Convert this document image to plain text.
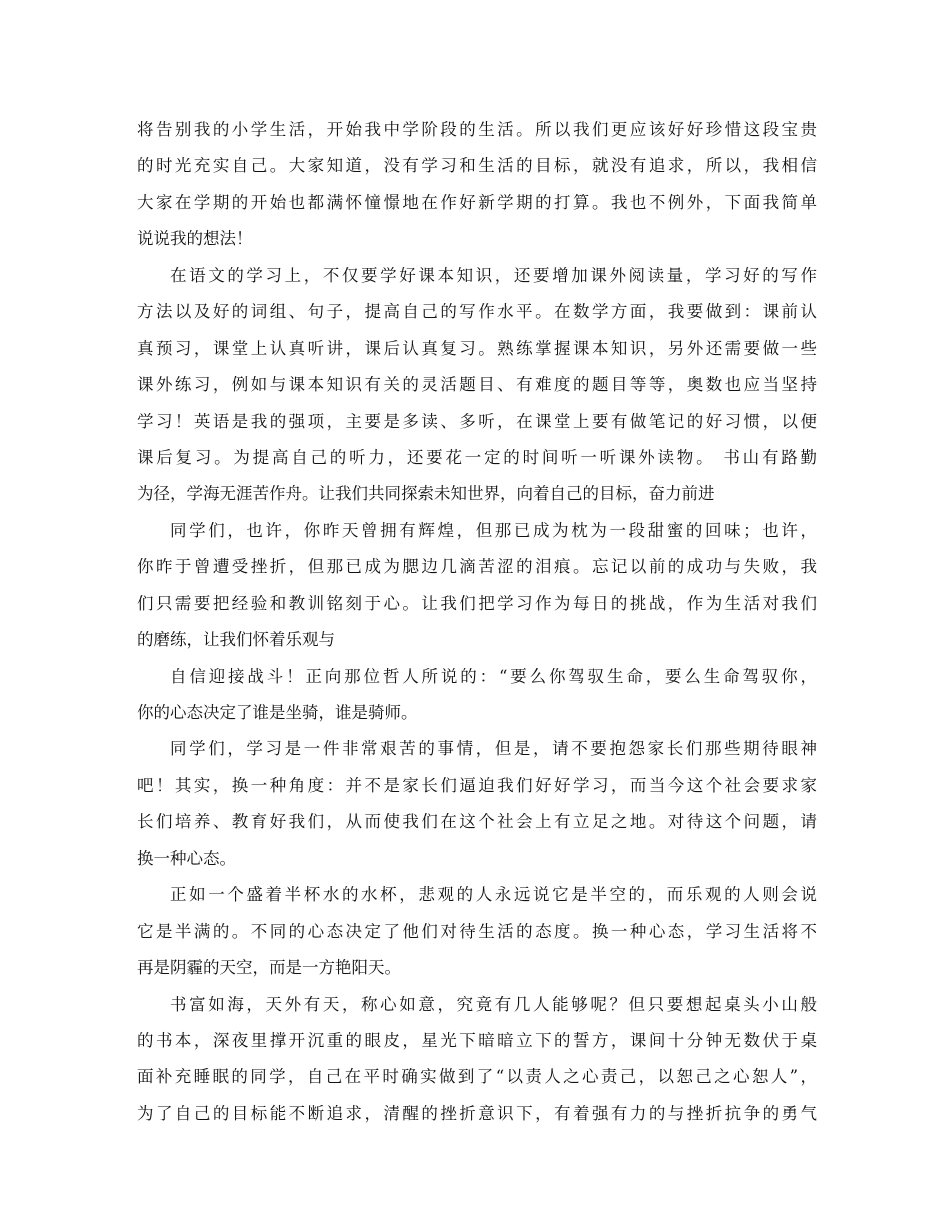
将告别我的小学生活，开始我中学阶段的生活。所以我们更应该好好珍惜这段宝贵
的时光充实自己。大家知道，没有学习和生活的目标，就没有追求，所以，我相信
大家在学期的开始也都满怀憧憬地在作好新学期的打算。我也不例外，下面我简单
说说我的想法！
在语文的学习上，不仅要学好课本知识，还要增加课外阅读量，学习好的写作
方法以及好的词组、句子，提高自己的写作水平。在数学方面，我要做到：课前认
真预习，课堂上认真听讲，课后认真复习。熟练掌握课本知识，另外还需要做一些
课外练习，例如与课本知识有关的灵活题目、有难度的题目等等，奥数也应当坚持
学习！英语是我的强项，主要是多读、多听，在课堂上要有做笔记的好习惯，以便
课后复习。为提高自己的听力，还要花一定的时间听一听课外读物。 书山有路勤
为径，学海无涯苦作舟。让我们共同探索未知世界，向着自己的目标，奋力前进
同学们，也许，你昨天曾拥有辉煌，但那已成为枕为一段甜蜜的回味；也许，
你昨于曾遭受挫折，但那已成为腮边几滴苦涩的泪痕。忘记以前的成功与失败，我
们只需要把经验和教训铭刻于心。让我们把学习作为每日的挑战，作为生活对我们
的磨练，让我们怀着乐观与
自信迎接战斗！正向那位哲人所说的：“要么你驾驭生命，要么生命驾驭你，
你的心态决定了谁是坐骑，谁是骑师。
同学们，学习是一件非常艰苦的事情，但是，请不要抱怨家长们那些期待眼神
吧！其实，换一种角度：并不是家长们逼迫我们好好学习，而当今这个社会要求家
长们培养、教育好我们，从而使我们在这个社会上有立足之地。对待这个问题，请
换一种心态。
正如一个盛着半杯水的水杯，悲观的人永远说它是半空的，而乐观的人则会说
它是半满的。不同的心态决定了他们对待生活的态度。换一种心态，学习生活将不
再是阴霾的天空，而是一方艳阳天。
书富如海，天外有天，称心如意，究竟有几人能够呢？但只要想起桌头小山般
的书本，深夜里撑开沉重的眼皮，星光下暗暗立下的誓方，课间十分钟无数伏于桌
面补充睡眠的同学，自己在平时确实做到了“以责人之心责己，以恕己之心恕人”，
为了自己的目标能不断追求，清醒的挫折意识下，有着强有力的与挫折抗争的勇气
